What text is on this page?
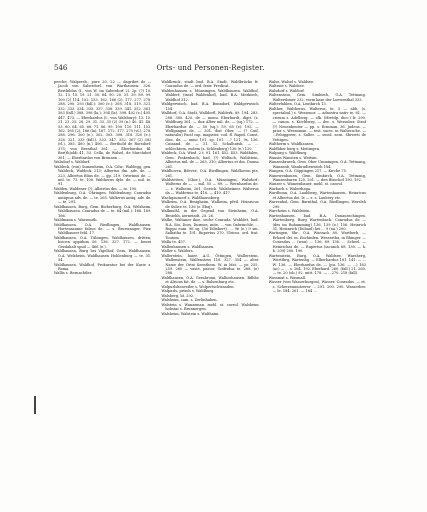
546	Orts- und Personen-Register.

perche, Walpersb., pure 20. 22 — dagribet de — Jacob von Saberdorf, von Warthausen: 326. Berthildus (I., von W. im Saberdorf 2): 2p. (?) 10. 12. 13. 15. 19. 21. 30. 84. 90. 20. 31. 39. 89. 99. 100 (2) 114. 152. 153. 162. 166 (2). 177. 277. 278. 288. 290. 293 (fall.): 300 (e.): 308. 318. 319. 321. 332. 333. 334. 335. 337. 338. 339. 341. 352. 361. 383 (fall.) 388. 398 (la.): 394 (la). 398. 402 (e.) 405. 447. 473. — Eberhardus (I., von Walsbury): 13. 15. 21. 23. 25. 28. 29. 31. 33. 35 (2) 39 (n.) 40. 41. 48. 53. 60. 64. 65. 68. 71. 86. 99. 100. 110. 111. 153. 162. 165 (2), 166 (la). 167. 172. 177. 270 (vl.). 278. 288. 296. 300 (e.). 302. 303. 308. 318. 320 (e.): 328. 321. 333 (fall.). 333. 347. 352. 367 (2) 382 (rl.). 385. 400 (n.) 406. — Berthold de Rorsdorf: 375; von Bernthal 361. — Eberhardus fil. Ber(th)oldi 41, 53. Cella, de Walsel, de Marchdorf 361; — Eberhardus von Brunnen ...

Walsdorf s. Waldorf.

Waldeck, (von) Sumenheim, O.A. Cilw., Waldegg, gen. Waldeck, Waldeck 213; Albertus dm. adv. de. — 223, Albertus filius de. — gp. 219. Ortwinus de. — mil. te. 71. te. 100. Waltherus dyle. de. — mil. te. 91.

Walden, Waldener (?), Albertus dm. — te. 190.

Waldenburg, O.A. Öhringen, Waldenburg: Conradus antiquus adv. de. — te. 265. Walterus antiq. adv. de. — te. 291.

Waldhausen, Burg, Gem. Bieberburg, O.A. Welzheim, Waldhausen. Conradus de — te. 64 (mil.): 166. 169. 166.

Waldmann s. Wassmuth.

Waldhausen, O.A. Riedlingen, Waldhausen. Hortensaume falsus de. — s. Bruswanger, Pier. Waldhauser fehl. 17.

Waldhausen, O.A. Tübingen, Waldhausen, dritten, hoicen oppidum 56. 136. 327. 172. — heure Gezdahalt spud — 466 (e.).

Waldhausen, Burg bei Vigelhof, Gem. Waldhausen, O.A. Welzheim, Waldhausen Hohlenburg — te. 31. 54.

Waldhausen, Waldhof, Prokuratur bei der Kurie z. Roma.

Wallis s. Bernachtler.

Waldbruck, stadt bad. B.A. Stadt, Waldbrücke fr. Conradus de. — ord. fratr. Predicat.

Waldenhausen s. Münsingen, Waldhausen. Waldhof. Walderf, (insel Waldenhof), bad. B.A. Meskirch, Waldhof 312.

Waldgerwisch, bad. B.A. Bonndorf, Waldgerwisch 154.

Walldorf, O.A. Stadt, Walldorfl, Walderk. 89. 194. 283. 288. 380. 420. de — monu. Eberhardt, digit. (z. Waldburg 361. — dux Alber mil. de. — (sq.) 172. — Eberhardus de. — 50 (sq.): 59. 65 (e): 192. — Wolfgangus de. — 301. dist Ober. — (? Cuif, naturalis) Pacif cap. magister. cod. fl. Rapid. Const. dioc. de. — anno 101. sp. 101. ...? 121. 9s. 136. Cuinand. de. — 31. 32. Schalhutsh. — ... schlechtem, eodem (z. Schlenberg) 136 (e.) 120.

Waldeck, O.A. Wied. 2 t. 91. 161. 452. 453. Waldfalen, Gem. Finkenbach, bad. (?) Wolfach, Waldstein, Albertus mil. de — 263, 310; Albertus et dm. Donna 261.

Waldhoven, Bdever., O.A. Riedlingen, Waldhoven pts. 261.

Waldstetten, (Sbor.), O.A. Münsingen, Walsdorf: Walterus de — ... mil. 55 — 89. — Wernhardus de. — s. Walheim, 261. Geeich. Walzheimer. Walterus da — Walderius te. 416. — 410. 417.

Wachgausserf s. Waldhaussberg.

Walheim, O.A. Besigheim, Walheim, pfeil. Heinricus de Sulice te. 136 (z. Ebaj).

Walkmöhl, in der Gegend von Steinheim, O.A. Besiehh, aerneindt. 25. 26.

Walke, Waltaner ikoe. seche Conrada. Wohldet, bad. R.A. Sto, Dors, Durmes, mite. ... von Oxlwinchle, ... Boppo eum. 96 sg. (36 Diliebert). ... 96 (e.) 9 sm. Salbatha te. 191. Rupertus 270. Ulricus. ord. frat. Toutom.

Walla te. 457.

Wallenhausen s. Waldhausen.

Waller s. Walders.

Wallerstein, baier. A.G. Öttingen, Wallerstein, Wallenstein, Wallenstein 118. 327. 354 — alter Name der Ortst Seenthem. W. in Mst. — pr. 255. 259. 260 — vaste, pastor. Gotfridus te. 288. (e) 288.

Waldhausen, O.A. Gerabronn, Walheshausen. Bdhbs et Alrious fat. de. — s. Bulsenburg etc.

Walpurlshenveiler s. Wolpertschwanden.

Walpurls, prisoh s. Waldburg.

Walsberg, lit. 292.

Walsheim, cam. s. Zerlinhaben.

Walstein s. Wanzeman. mehl. st. cavrol. Walsheim hobstat s. Brunnergen.

Walsheim, Walstein s. Walthaim.

Walse, Walsel s. Waldsee.

Waltzsie s. Waldsee.

Walsdorf s. Waldorf.

Waltenstein, Gem. Simbirch, O.A. Tettnang. Waltersbmer 232. vorm kase der Loewenthal 333.

Walterfahlen, O.A. Leutkirch 13.

Walther, Waltherus, Walterus, te. 5 — abb. (s. spectabul.) s. Wessenor. — adnostra nativ te. 61. — crirum s. Adelberg. — elk. (Hertdp. dioc.) fr. 290. — canon. s. Kirchberg. — dec. s. Wessnber. Straf (?) Neuenbeuter — pp. s. Ecminan. 36. Judeus. — prior s. Wessnman. — test. sacte. in Waltersche. — ...Peluggerer, s. Saller. — swed. sern. Sbiverti de Vettigen.

Waltherm s. Waldhausen.

Waldhber berg s. Meitingen.

Walpurg s. Waldburg.

Wansin Wansten s. Weitsin.

Wanzenbrueck, Gem. Ober Ummingen, O.A. Tettnang, Wanzenb, Wanbrudtenwürh 184.

Wangen, O.A. Göppingen 217. — Kirche 75.

Wanewenbauen, Gem. Simbirch, O.A. Tettnang, Wanzenbaren 125. 201. — den Bisschof 190. 192.

Wanzer s. Wanzenbauer. mehl. st. canvol.

Warbach s. Waberhaga.

Wardbonn, O.A. Laubberg, Wartenhausen, Heinricus et Albertus dei. le — s. s. Laubery etc.

Warrenhal, Gem. Barnthal, O.A. Riedlingen, Wersleh 290.

Warcheim s. Waldstein.

Wartenhausen, bad. B.A. Donaueschingen. Wartenberg, Burg Wartenbach: Conradus de — (des im Ruhamming) 136. 139 (e.) 156. Heinrich 31. Hesinrich (Dobaul) hei ... 9 (na.) 200.

Wartingen, Sbr., O.A. Wurzach 80. Wartberb, — Erhard dei. in. Rochinfen. Wessertha, in Rhinger. — Conradus ... (wan) ... 136. 89. 136. ... Scheel. — Heinrichas de. — Rupertus (iacunch 88. 130. — h. h. 209) 200. 190.

Wartenstein, Burg, O.A. Waldsee. Warsherg, Wurttbrg, Wartenbg. — Elberhardus 181. 141. — ... W. 136. — Eberhardus de. — (pu. 136. — ...) 163 (ac) — ... s. 264. 192. Eberhard. 260. (fall.) 21. 260. — te. 20 (ob.) 92. mitt. 178. — ...270. 218 (fall).

Wassmat s. Wasmall.

Wasser (von Wasserburgen), Wasser. Conradus. — et. s. Scherzenmutzerer ... 291. 200. 290. Wasserber. — le. 184. 261. — 164 ...
